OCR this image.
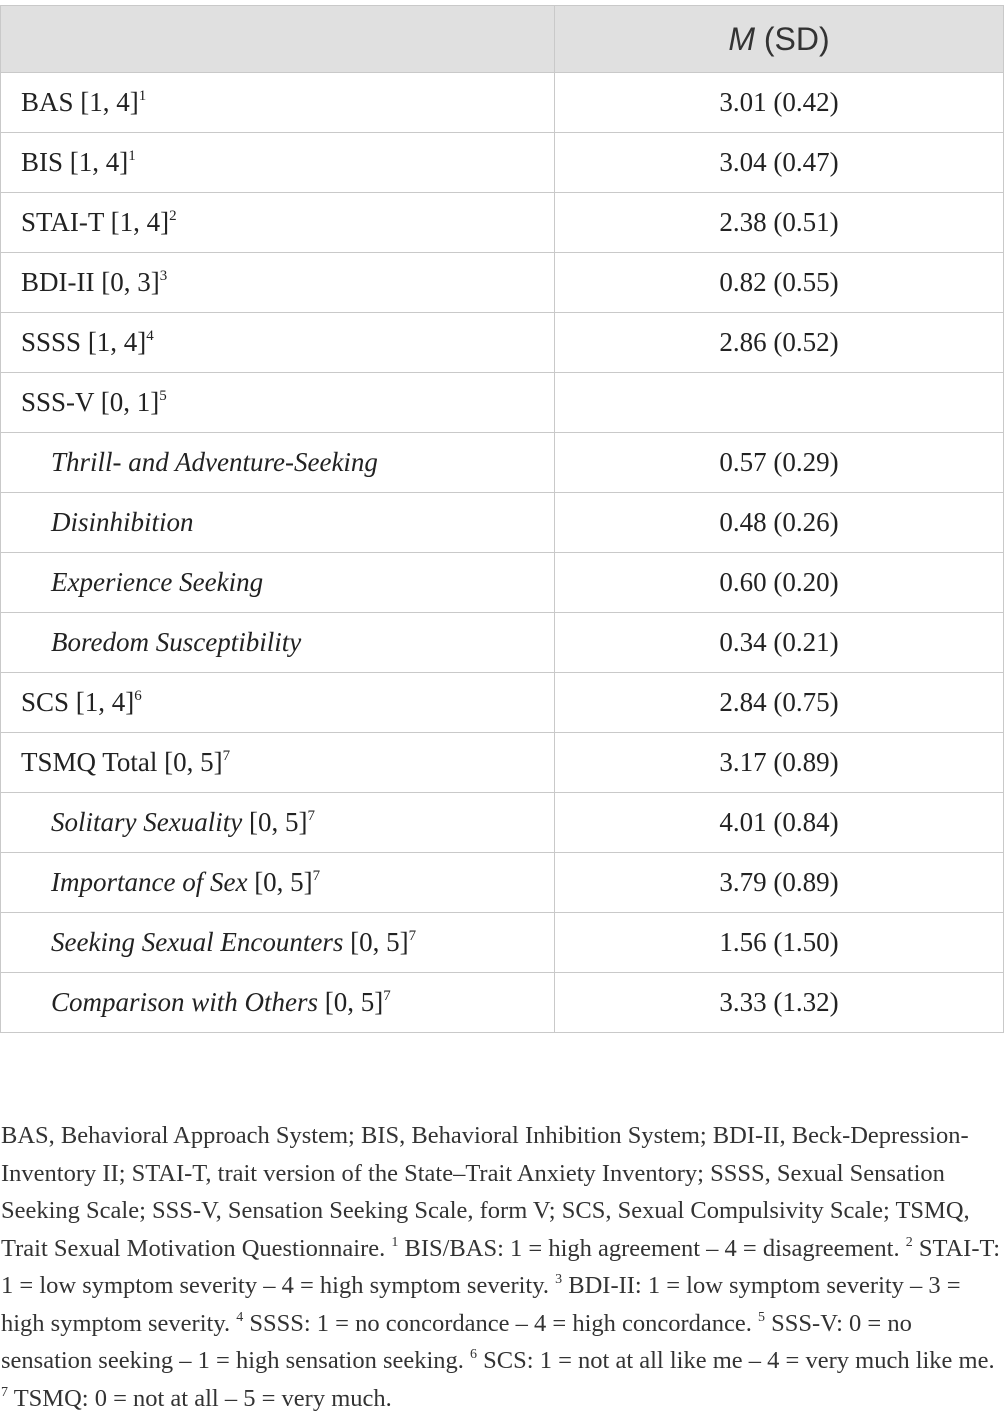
	M (SD)
BAS [1, 4]$^1$	3.01 (0.42)
BIS [1, 4]$^1$	3.04 (0.47)
STAI-T [1, 4]$^2$	2.38 (0.51)
BDI-II [0, 3]$^3$	0.82 (0.55)
SSSS [1, 4]$^4$	2.86 (0.52)
SSS-V [0, 1]$^5$	
Thrill- and Adventure-Seeking	0.57 (0.29)
Disinhibition	0.48 (0.26)
Experience Seeking	0.60 (0.20)
Boredom Susceptibility	0.34 (0.21)
SCS [1, 4]$^6$	2.84 (0.75)
TSMQ Total [0, 5]$^7$	3.17 (0.89)
Solitary Sexuality [0, 5]$^7$	4.01 (0.84)
Importance of Sex [0, 5]$^7$	3.79 (0.89)
Seeking Sexual Encounters [0, 5]$^7$	1.56 (1.50)
Comparison with Others [0, 5]$^7$	3.33 (1.32)

BAS, Behavioral Approach System; BIS, Behavioral Inhibition System; BDI-II, Beck-Depression-Inventory II; STAI-T, trait version of the State–Trait Anxiety Inventory; SSSS, Sexual Sensation Seeking Scale; SSS-V, Sensation Seeking Scale, form V; SCS, Sexual Compulsivity Scale; TSMQ, Trait Sexual Motivation Questionnaire. $^1$ BIS/BAS: 1 = high agreement – 4 = disagreement. $^2$ STAI-T: 1 = low symptom severity – 4 = high symptom severity. $^3$ BDI-II: 1 = low symptom severity – 3 = high symptom severity. $^4$ SSSS: 1 = no concordance – 4 = high concordance. $^5$ SSS-V: 0 = no sensation seeking – 1 = high sensation seeking. $^6$ SCS: 1 = not at all like me – 4 = very much like me. $^7$ TSMQ: 0 = not at all – 5 = very much.
